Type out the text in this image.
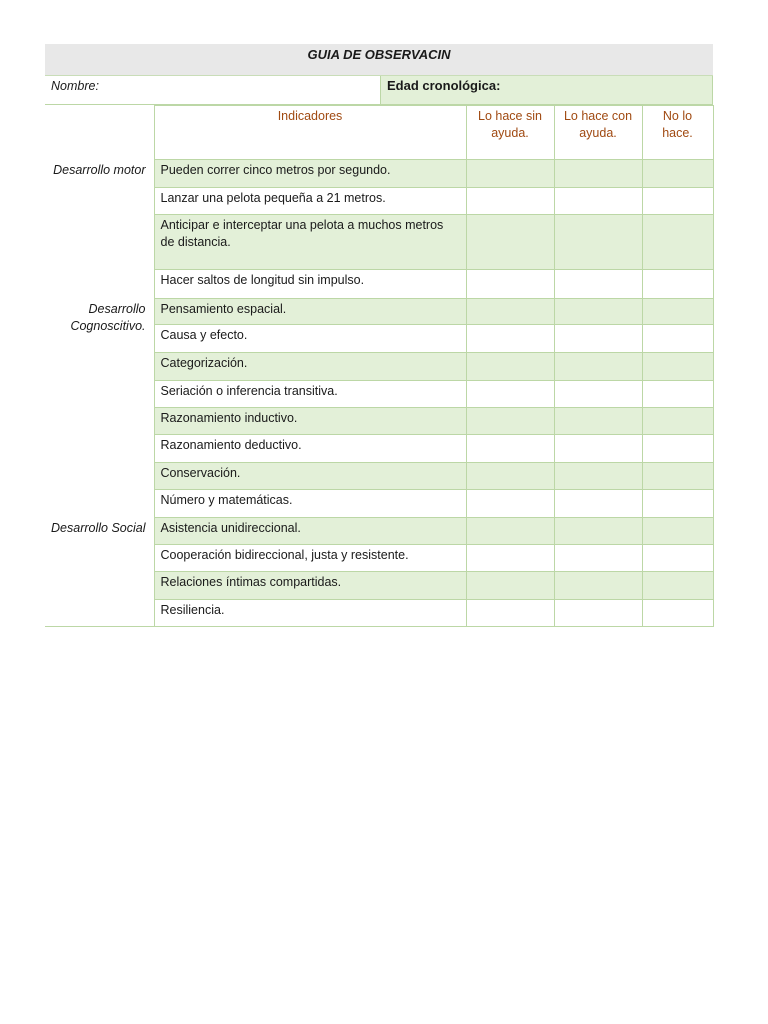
GUIA DE OBSERVACIN
Nombre:	Edad cronológica:
	Indicadores	Lo hace sin ayuda.	Lo hace con ayuda.	No lo hace.
Desarrollo motor	Pueden correr cinco metros por segundo.			
	Lanzar una pelota pequeña a 21 metros.			
	Anticipar e interceptar una pelota a muchos metros de distancia.			
	Hacer saltos de longitud sin impulso.			
Desarrollo Cognoscitivo.	Pensamiento espacial.			
	Causa y efecto.			
	Categorización.			
	Seriación o inferencia transitiva.			
	Razonamiento inductivo.			
	Razonamiento deductivo.			
	Conservación.			
	Número y matemáticas.			
Desarrollo Social	Asistencia unidireccional.			
	Cooperación bidireccional, justa y resistente.			
	Relaciones íntimas compartidas.			
	Resiliencia.			
